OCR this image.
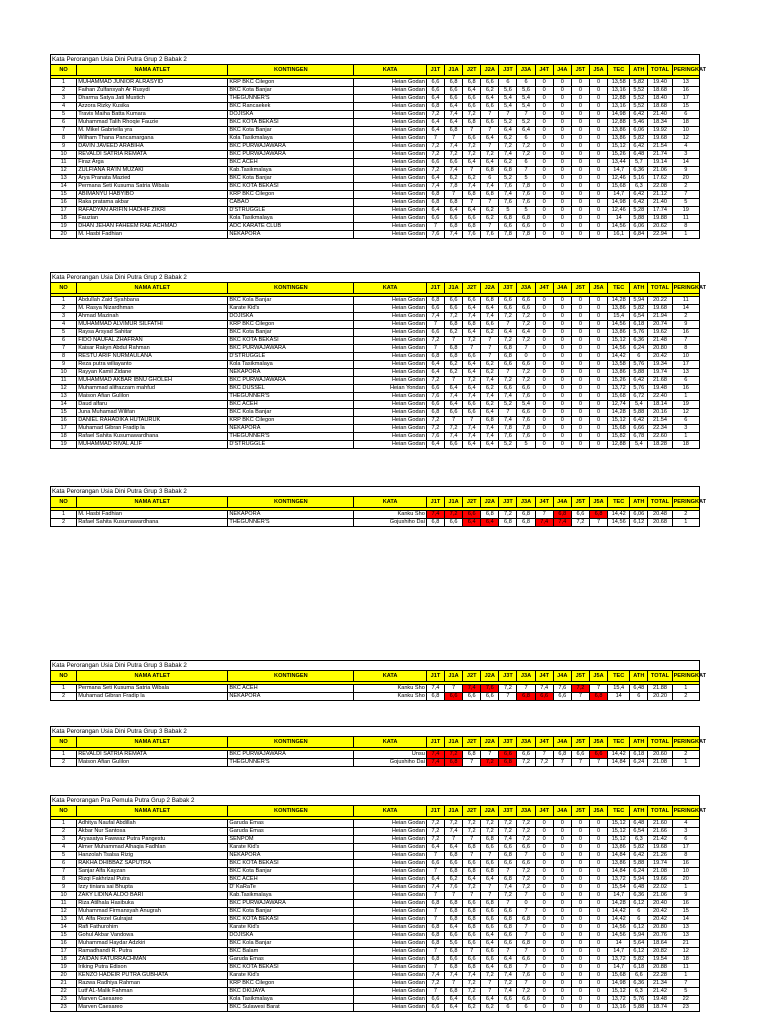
Kata Perorangan Usia Dini Putra Grup 2 Babak 2
NO	NAMA ATLET	KONTINGEN	KATA	J1T	J1A	J2T	J2A	J3T	J3A	J4T	J4A	J5T	J5A	TEC	ATH	TOTAL	PERINGKAT

1	MUHAMMAD JUNIOR ALRASYID	KRP BKC Cilegon	Heian Godan	6,6	6,8	6,8	6,6	6	6	0	0	0	0	13,58	5,82	19.40	13
2	Faihan Zulfansyah Ar Rusydi	BKC Kota Banjar	Heian Godan	6,6	6,6	6,4	6,2	5,6	5,6	0	0	0	0	13,16	5,52	18.68	16
3	Dharma Satya Jati Mustich	THEGUNNER'S	Heian Godan	6,4	6,6	6,6	6,4	5,4	5,4	0	0	0	0	12,88	5,52	18.40	17
4	Azzora Rizky Kusika	BKC Rancaekek	Heian Godan	6,8	6,4	6,6	6,6	5,4	5,4	0	0	0	0	13,16	5,52	18.68	15
5	Travis Maiha Batta Kumara	DOJISKA	Heian Godan	7,2	7,4	7,2	7	7	7	0	0	0	0	14,98	6,42	21.40	6
6	Muhammad Talih Rhoqie Fauzie	BKC KOTA BEKASI	Heian Godan	6,4	6,4	6,8	6,6	5,2	5,2	0	0	0	0	12,88	5,46	18.34	18
7	M. Mikel Gabriella yra	BKC Kota Banjar	Heian Godan	6,4	6,8	7	7	6,4	6,4	0	0	0	0	13,86	6,06	19.92	10
8	Wilham Thana Pancamargana	Kola Tasikmalaya	Heian Godan	7	7	6,6	6,4	6,2	6	0	0	0	0	13,86	5,82	19.68	12
9	DAVIN JAVEED ARABIHA	BKC PURWAJAWARA	Heian Godan	7,2	7,4	7,2	7	7,2	7,2	0	0	0	0	15,12	6,42	21.54	4
10	REVALDI SATRIA REMATA	BKC PURWAJAWARA	Heian Godan	7,2	7,2	7,2	7,2	7,4	7,2	0	0	0	0	15,26	6,48	21.74	3
11	Firaz Arga	BKC ACEH	Heian Godan	6,6	6,6	6,4	6,4	6,2	6	0	0	0	0	13,44	5,7	19.14	14
12	ZULFIANA RA'IN MUZAKI	Kab.Tasikmalaya	Heian Godan	7,2	7,4	7	6,8	6,8	7	0	0	0	0	14,7	6,36	21.06	9
13	Arya Pranata Mazied	BKC Kota Banjar	Heian Godan	6,4	6,2	6,2	6	5,2	5	0	0	0	0	12,46	5,16	17.62	20
14	Permana Seti Kusuma Satria Wibala	BKC KOTA BEKASI	Heian Godan	7,4	7,8	7,4	7,4	7,6	7,8	0	0	0	0	15,68	6,3	22.08	2
15	ABIMANYU HABYIBO	KRP BKC Cilegon	Heian Godan	6,8	7	6,8	6,8	7,4	7,6	0	0	0	0	14,7	6,42	21.12	7
16	Raka pratama akbar	CABAO	Heian Godan	6,8	6,8	7	7	7,6	7,6	0	0	0	0	14,98	6,42	21.40	5
17	RAFADYAN ARIFIN HADHIF ZIKRI	D'STRUGGLE	Heian Godan	6,4	6,4	6,4	6,2	5	5	0	0	0	0	12,46	5,28	17.74	19
18	Fauzian	Kola Tasikmalaya	Heian Godan	6,6	6,6	6,6	6,2	6,8	6,8	0	0	0	0	14	5,88	19.88	11
19	DHAN JEHAN FAHEEM RAE ACHMAD	ADC KARATE CLUB	Heian Godan	7	6,8	6,8	7	6,6	6,6	0	0	0	0	14,56	6,06	20.62	8
20	M. Hasbi Fadhian	NEKAPORA	Heian Godan	7,6	7,4	7,6	7,6	7,8	7,8	0	0	0	0	16,1	6,84	22.94	1
Kata Perorangan Usia Dini Putra Grup 2 Babak 2
NO	NAMA ATLET	KONTINGEN	KATA	J1T	J1A	J2T	J2A	J3T	J3A	J4T	J4A	J5T	J5A	TEC	ATH	TOTAL	PERINGKAT

1	Abdullah Zaid Syahbana	BKC Kola Banjar	Heian Godan	6,8	6,6	6,6	6,8	6,6	6,6	0	0	0	0	14,28	5,94	20.22	11
2	M. Rasya Nizardhman	Karate Kid's	Heian Godan	6,6	6,6	6,4	6,4	6,6	6,6	0	0	0	0	13,86	5,82	19.68	14
3	Ahmad Mazinah	DOJISKA	Heian Godan	7,4	7,2	7,4	7,4	7,2	7,2	0	0	0	0	15,4	6,54	21.94	2
4	MUHAMMAD ALVIMUR SILFATHI	KRP BKC Cilegon	Heian Godan	7	6,8	6,8	6,6	7	7,2	0	0	0	0	14,56	6,18	20.74	9
5	Raysa Arsyad Sahitar	BKC Kota Banjar	Heian Godan	6,6	6,2	6,4	6,2	6,4	6,4	0	0	0	0	13,86	5,76	19.62	16
6	FIDO NAUFAL ZHAFRAN	BKC KOTA BEKASI	Heian Godan	7,2	7	7,2	7	7,2	7,2	0	0	0	0	15,12	6,36	21.48	7
7	Kaisar Rakyn Abdul Rahman	BKC PURWAJAWARA	Heian Godan	7	6,8	7	7	6,8	7	0	0	0	0	14,56	6,24	20.80	8
8	RESTU ARIF NURMAULANA	D'STRUGGLE	Heian Godan	6,8	6,8	6,6	7	6,8	0	0	0	0	0	14,42	6	20.42	10
9	Reza putra wiliayanto	Kola Tasikmalaya	Heian Godan	6,4	6,2	6,4	6,2	6,6	6,6	0	0	0	0	13,58	5,76	19.34	17
10	Rayyan Kamil Zidane	NEKAPORA	Heian Godan	6,4	6,2	6,4	6,2	7	7,2	0	0	0	0	13,86	5,88	19.74	13
11	MUHAMMAD AKBAR IBNU GHOLEH	BKC PURWAJAWARA	Heian Godan	7,2	7	7,2	7,4	7,2	7,2	0	0	0	0	15,26	6,42	21.68	6
12	Muhammad alifrazzam mahfud	BKC DUSSEL	Heian Yondan	6,6	6,4	6,4	6,2	6,6	6,6	0	0	0	0	13,72	5,76	19.48	16
13	Maison Afian Gulilon	THEGUNNER'S	Heian Godan	7,6	7,4	7,4	7,4	7,4	7,6	0	0	0	0	15,68	6,72	22.40	1
14	Daud alfaru	BKC ACEH	Heian Godan	6,6	6,4	6,6	6,2	5,2	5,4	0	0	0	0	12,74	5,4	18.14	19
15	Juna Muhamad Wilifan	BKC Kola Banjar	Heian Godan	6,8	6,6	6,6	6,4	7	6,6	0	0	0	0	14,28	5,88	20.16	12
16	DANIEL RAHADIKA HUTAURUK	KRP BKC Cilegon	Heian Godan	7,2	7	7	6,8	7,4	7,6	0	0	0	0	15,12	6,42	21.54	6
17	Muhamad Gibran Fradip la	NEKAPORA	Heian Godan	7,2	7,2	7,4	7,4	7,8	7,8	0	0	0	0	15,68	6,66	22.34	3
18	Rafael Sahita Kusumawardhana	THEGUNNER'S	Heian Godan	7,6	7,4	7,4	7,4	7,6	7,6	0	0	0	0	15,82	6,78	22.60	1
19	MUHAMMAD RIVAL ALIF	D'STRUGGLE	Heian Godan	6,4	6,6	6,4	6,4	5,2	5	0	0	0	0	12,88	5,4	18.28	18
Kata Perorangan Usia Dini Putra Grup 3 Babak 2
NO	NAMA ATLET	KONTINGEN	KATA	J1T	J1A	J2T	J2A	J3T	J3A	J4T	J4A	J5T	J5A	TEC	ATH	TOTAL	PERINGKAT

1	M. Hasbi Fadhian	NEKAPORA	Kanku Sho	7,4	7,2	6,6	6,8	7,2	6,8	7	6,8	6,6	6,8	14,42	6,06	20.48	2
2	Rafael Sahita Kusumawardhana	THEGUNNER'S	Gojushiho Dai	6,8	6,6	6,4	6,4	6,8	6,8	7,4	7,4	7,2	7	14,56	6,12	20.68	1
Kata Perorangan Usia Dini Putra Grup 3 Babak 2
NO	NAMA ATLET	KONTINGEN	KATA	J1T	J1A	J2T	J2A	J3T	J3A	J4T	J4A	J5T	J5A	TEC	ATH	TOTAL	PERINGKAT

1	Permana Seti Kusuma Satria Wibala	BKC ACEH	Kanku Sho	7,4	7	7,4	7,6	7,2	7	7,4	7,6	7,2	7	15,4	6,48	21.88	1
2	Muhamad Gibran Fradip la	NEKAPORA	Kanku Sho	6,8	6,6	6,6	6,6	7	6,8	6,6	6,6	7	6,8	14	6	20.20	2
Kata Perorangan Usia Dini Putra Grup 3 Babak 2
NO	NAMA ATLET	KONTINGEN	KATA	J1T	J1A	J2T	J2A	J3T	J3A	J4T	J4A	J5T	J5A	TEC	ATH	TOTAL	PERINGKAT

1	REVALDI SATRIA REMATA	BKC PURWAJAWARA	Unsu	7,4	7,2	6,8	7	6,6	6,6	7	6,8	6,6	6,6	14,42	6,18	20.60	2
2	Maison Afian Gulilon	THEGUNNER'S	Gojushiho Dai	7,4	6,8	7	7,2	6,8	7,2	7,2	7	7	7	14,84	6,24	21.08	1
Kata Perorangan Pra Pemula Putra Grup 2 Babak 2
NO	NAMA ATLET	KONTINGEN	KATA	J1T	J1A	J2T	J2A	J3T	J3A	J4T	J4A	J5T	J5A	TEC	ATH	TOTAL	PERINGKAT

1	Adhitya Naufal Abdillah	Garuda Emas	Heian Godan	7,2	7,2	7,2	7,2	7,2	7,2	0	0	0	0	15,12	6,48	21.60	4
2	Akbar Nur Santosa	Garuda Emas	Heian Godan	7,2	7,4	7,2	7,2	7,2	7,2	0	0	0	0	15,12	6,54	21.66	3
3	Aryasatya Fawwaz Putra Pangestu	SENPOM	Heian Godan	7,2	7	7	6,8	7,4	7,2	0	0	0	0	15,12	6,3	21.42	6
4	Almer Muhammad Alhaqia Fadhlan	Karate Kid's	Heian Godan	6,4	6,4	6,8	6,6	6,6	6,6	0	0	0	0	13,86	5,82	19.68	17
5	Hanzolah Tsalsa Rizig	NEKAPORA	Heian Godan	7	6,8	7	7	6,8	7	0	0	0	0	14,84	6,42	21.26	8
6	RAKHA DHIBBAZ SAPUTRA	BKC KOTA BEKASI	Heian Godan	6,6	6,6	6,6	6,6	6,6	6,6	0	0	0	0	13,86	5,88	19.74	16
7	Sanjar Alfa Kayzan	BKC Kota Banjar	Heian Godan	7	6,8	6,8	6,8	7	7,2	0	0	0	0	14,84	6,24	21.08	10
8	Rizqi Fakhrizal Putra	BKC ACEH	Heian Godan	6,4	6,2	6,4	6,4	6,8	7,2	0	0	0	0	13,72	5,94	19.66	20
9	Izzy tiniara sai Bhupta	D' KaRaTe	Heian Godan	7,4	7,6	7,2	7	7,4	7,2	0	0	0	0	15,54	6,48	22.02	1
10	ZAKY LIDINA ALDO BARI	Kab.Tasikmalaya	Heian Godan	7	7	7	7	7,2	7	0	0	0	0	14,7	6,36	21.06	9
11	Riza Atilhala Hasibuka	BKC PURWAJAWARA	Heian Godan	6,8	6,8	6,6	6,8	7	0	0	0	0	0	14,28	6,12	20.40	16
12	Muhammad Firmansyah Anugrah	BKC Kota Banjar	Heian Godan	7	6,8	6,8	6,6	6,6	7	0	0	0	0	14,42	6	20.42	15
13	M. Alfa Rezel Gulrajat	BKC KOTA BEKASI	Heian Godan	7	6,8	6,8	6,6	6,8	6,8	0	0	0	0	14,42	6	20.42	14
14	Rafi Fathurohim	Karate Kid's	Heian Godan	6,8	6,4	6,8	6,6	6,8	7	0	0	0	0	14,56	6,12	20.80	13
15	Gohul Akbar Vandowa	DOJISKA	Heian Godan	6,8	6,6	6,6	6,4	6,6	7	0	0	0	0	14,56	5,94	20.76	13
16	Muhammad Haydar Adzkiri	BKC Kola Banjar	Heian Godan	6,8	5,6	6,6	6,4	6,6	6,8	0	0	0	0	14	5,64	18.64	21
17	Ramadhandi R. Putra	BKC Balam	Heian Godan	7	6,8	7	6,6	7	7	0	0	0	0	14,7	6,12	20.82	12
18	ZAIDAN FATURRACHMAN	Garuda Emas	Heian Godan	6,8	6,6	6,6	6,6	6,4	6,6	0	0	0	0	13,72	5,82	19.54	18
19	Iriking Putra Edison	BKC KOTA BEKASI	Heian Godan	7	6,8	6,8	6,4	6,8	7	0	0	0	0	14,7	6,18	20.88	11
20	KENZO HADEIR PUTRA GUBHATA	Karate Kid's	Heian Godan	7,4	7,4	7,4	7,2	7,4	7,6	0	0	0	0	15,68	6,6	22.28	1
21	Razwa Radhiya Rahman	KRP BKC Cilegon	Heian Godan	7,2	7	7,2	7	7,2	7	0	0	0	0	14,98	6,36	21.34	7
22	Lutf AL-Malik Fahman	BKC DKIJAYA	Heian Godan	7	6,8	7,2	7	7,4	7,2	0	0	0	0	15,12	6,3	21.42	5
23	Marven Caesareo	Kola Tasikmalaya	Heian Godan	6,6	6,4	6,6	6,4	6,6	6,6	0	0	0	0	13,72	5,76	19.48	22
23	Marven Caesareo	BKC Sulawesi Barat	Heian Godan	6,6	6,4	6,2	6,2	6	6	0	0	0	0	13,16	5,88	18.74	23
